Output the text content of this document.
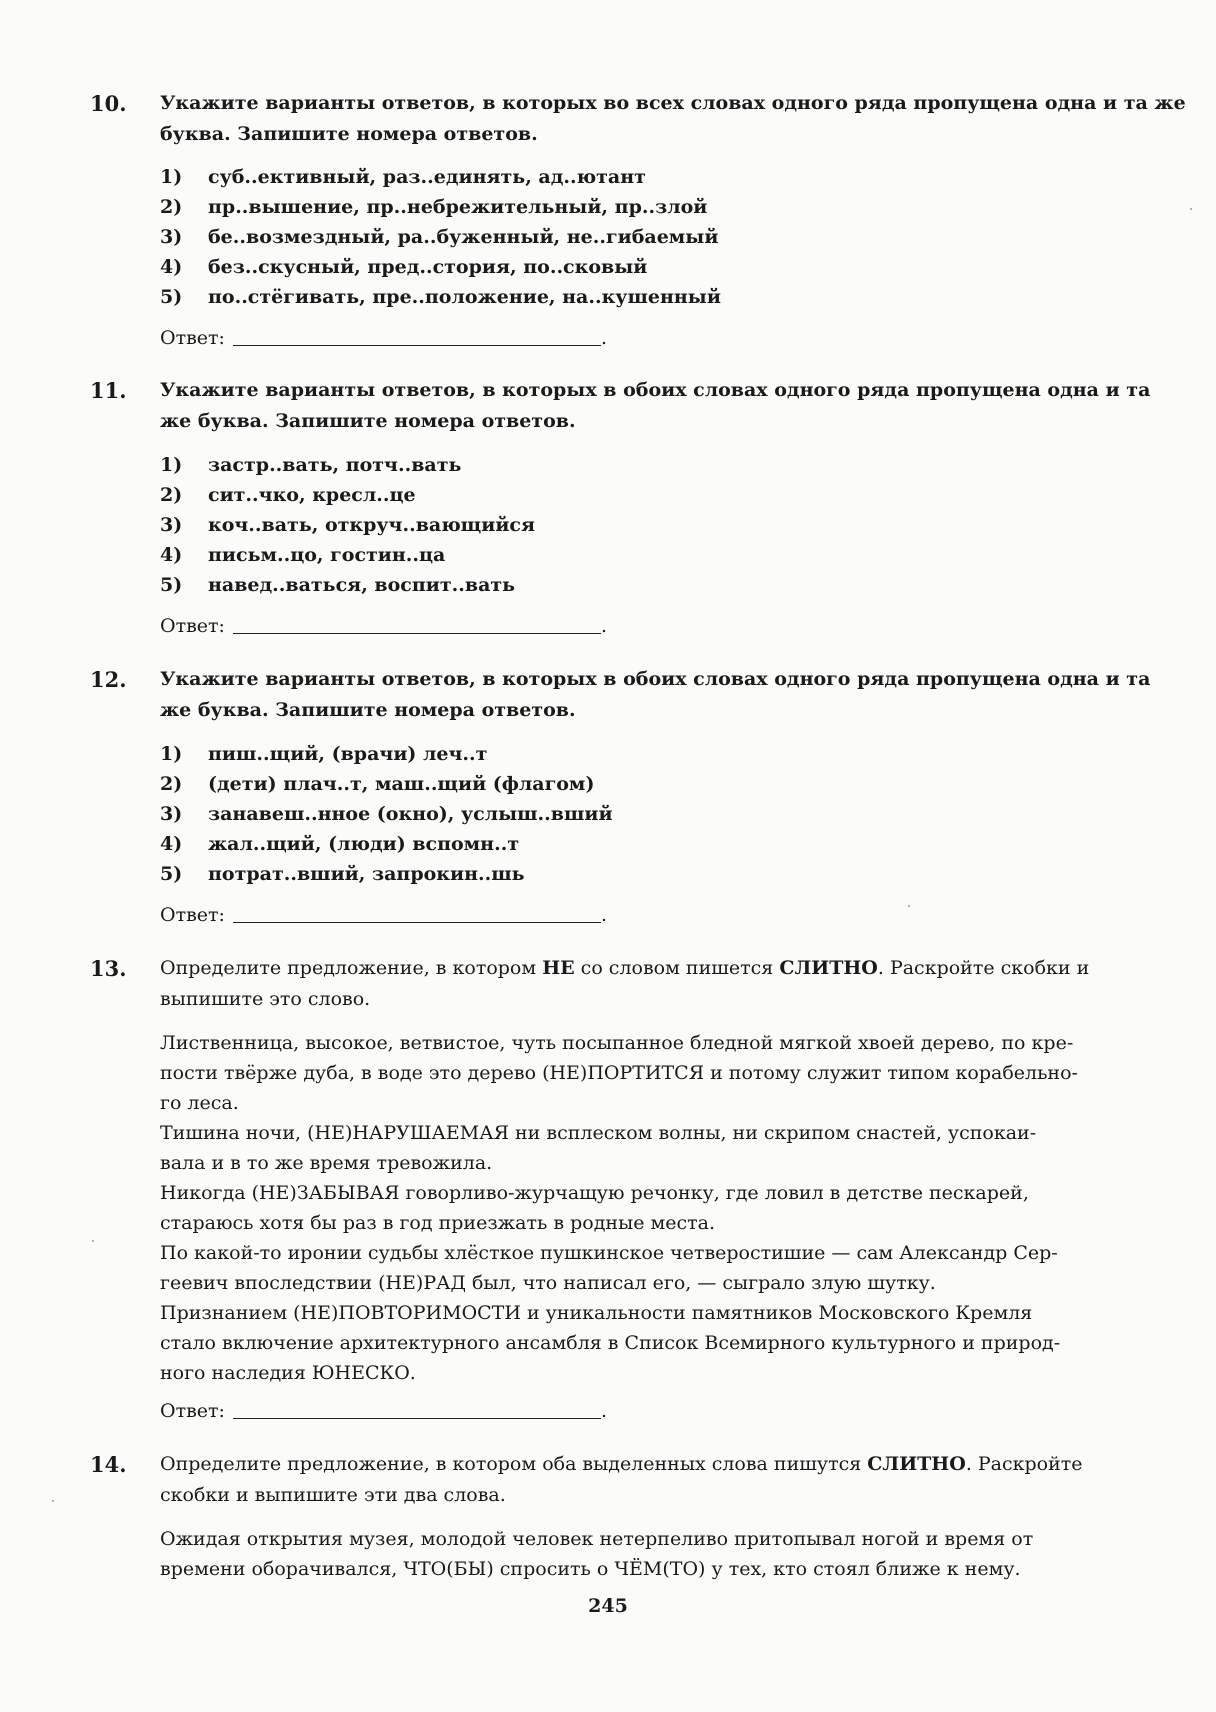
10. Укажите варианты ответов, в которых во всех словах одного ряда пропущена одна и та же
буква. Запишите номера ответов.
1) суб..ективный, раз..единять, ад..ютант
2) пр..вышение, пр..небрежительный, пр..злой
3) бе..возмездный, ра..буженный, не..гибаемый
4) без..скусный, пред..стория, по..сковый
5) по..стёгивать, пре..положение, на..кушенный
Ответ:	.
11. Укажите варианты ответов, в которых в обоих словах одного ряда пропущена одна и та
же буква. Запишите номера ответов.
1) застр..вать, потч..вать
2) сит..чко, кресл..це
3) коч..вать, откруч..вающийся
4) письм..цо, гостин..ца
5) навед..ваться, воспит..вать
Ответ:	.
12. Укажите варианты ответов, в которых в обоих словах одного ряда пропущена одна и та
же буква. Запишите номера ответов.
1) пиш..щий, (врачи) леч..т
2) (дети) плач..т, маш..щий (флагом)
3) занавеш..нное (окно), услыш..вший
4) жал..щий, (люди) вспомн..т
5) потрат..вший, запрокин..шь
Ответ:	.
13. Определите предложение, в котором НЕ со словом пишется СЛИТНО. Раскройте скобки и
выпишите это слово.

Лиственница, высокое, ветвистое, чуть посыпанное бледной мягкой хвоей дерево, по кре-
пости твёрже дуба, в воде это дерево (НЕ)ПОРТИТСЯ и потому служит типом корабельно-
го леса.

Тишина ночи, (НЕ)НАРУШАЕМАЯ ни всплеском волны, ни скрипом снастей, успокаи-
вала и в то же время тревожила.

Никогда (НЕ)ЗАБЫВАЯ говорливо-журчащую речонку, где ловил в детстве пескарей,
стараюсь хотя бы раз в год приезжать в родные места.

По какой-то иронии судьбы хлёсткое пушкинское четверостишие — сам Александр Сер-
геевич впоследствии (НЕ)РАД был, что написал его, — сыграло злую шутку.

Признанием (НЕ)ПОВТОРИМОСТИ и уникальности памятников Московского Кремля
стало включение архитектурного ансамбля в Список Всемирного культурного и природ-
ного наследия ЮНЕСКО.

Ответ:	.
14. Определите предложение, в котором оба выделенных слова пишутся СЛИТНО. Раскройте
скобки и выпишите эти два слова.

Ожидая открытия музея, молодой человек нетерпеливо притопывал ногой и время от
времени оборачивался, ЧТО(БЫ) спросить о ЧЁМ(ТО) у тех, кто стоял ближе к нему.

245
